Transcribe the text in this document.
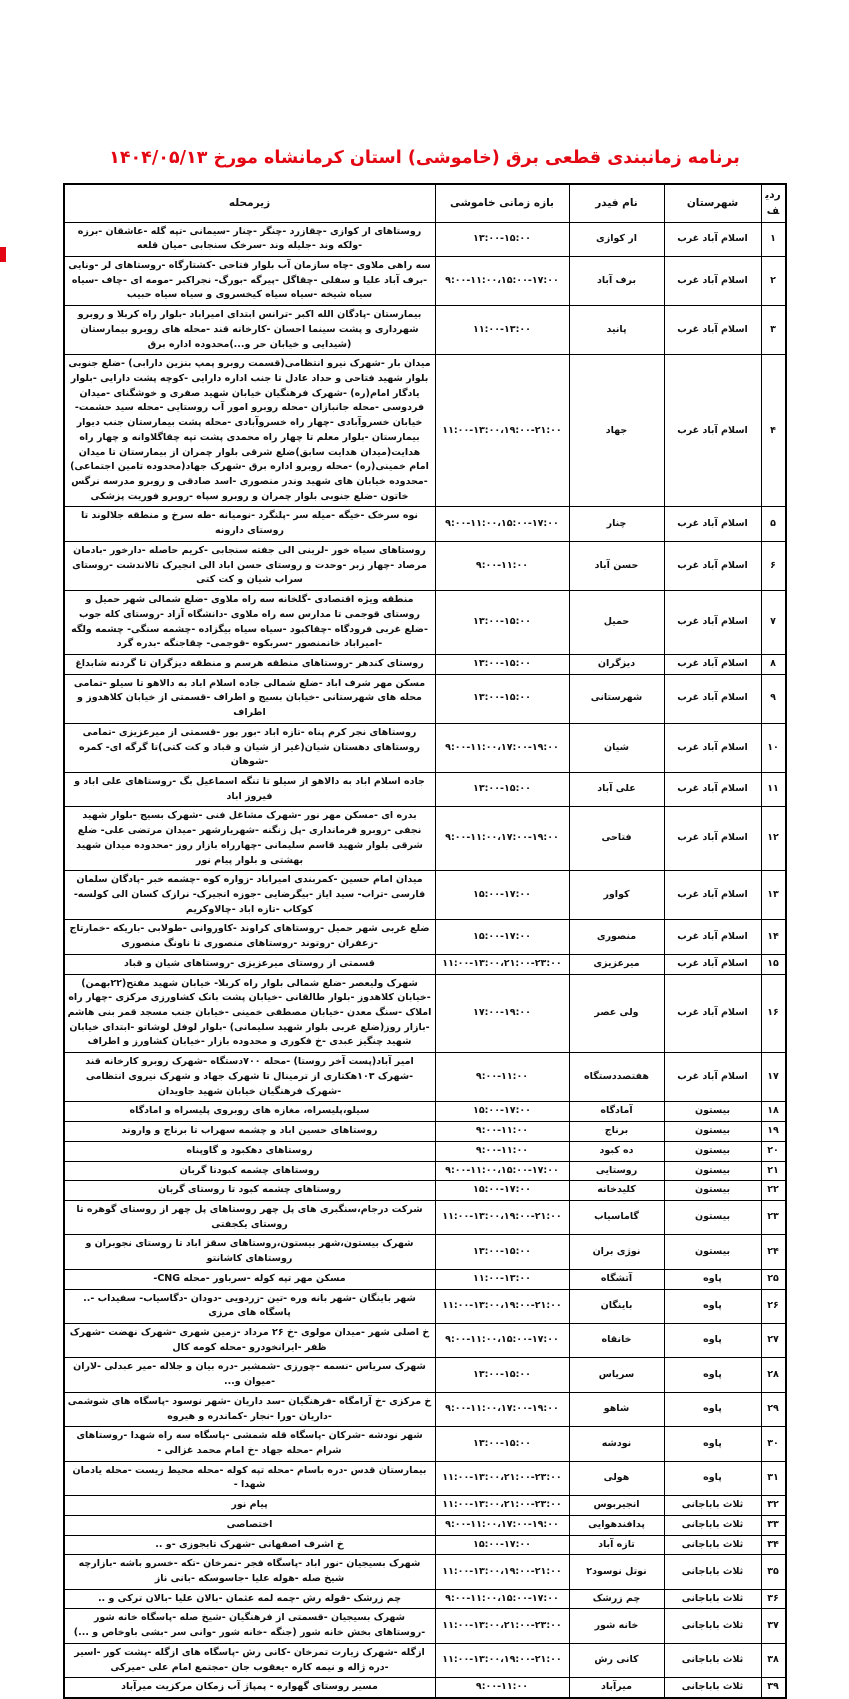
برنامه زمانبندی قطعی برق (خاموشی) استان کرمانشاه مورخ ۱۴۰۴/۰۵/۱۳
ردیف	شهرستان	نام فیدر	بازه زمانی خاموشی	زیرمحله
۱	اسلام آباد غرب	ار کوازی	۱۳:۰۰-۱۵:۰۰	روستاهای ار کوازی -چقازرد -چنگر -چنار -سیمانی -تپه گله -عاشقان -برزه -ولکه وند -جلیله وند -سرخک سنجابی -میان قلعه
۲	اسلام آباد غرب	برف آباد	۹:۰۰-۱۱:۰۰،۱۵:۰۰-۱۷:۰۰	سه راهی ملاوی -چاه سازمان آب بلوار فتاحی -کشتارگاه -روستاهای لر -ونایی -برف آباد علیا و سفلی -چقاگل -پیرگه -بورگ- نجراکبر -مومه ای -چاف -سیاه سیاه شیخه -سیاه سیاه کیخسروی و سیاه سیاه حبیب
۳	اسلام آباد غرب	پانید	۱۱:۰۰-۱۳:۰۰	بیمارستان -پادگان الله اکبر -ترانس ابتدای امیراباد -بلوار راه کربلا و روبرو شهرداری و پشت سینما احسان -کارخانه قند -محله های روبرو بیمارستان (شیدایی و خیابان حر و...)محدوده اداره برق
۴	اسلام آباد غرب	جهاد	۱۱:۰۰-۱۳:۰۰،۱۹:۰۰-۲۱:۰۰	میدان بار -شهرک نیرو انتظامی(قسمت روبرو پمپ بنزین دارابی) -ضلع جنوبی بلوار شهید فتاحی و حداد عادل تا جنب اداره دارایی -کوچه پشت دارایی -بلوار یادگار امام(ره) -شهرک فرهنگیان خیابان شهید صفری و خوشگنای -میدان فردوسی -محله جانبازان -محله روبرو امور آب روستایی -محله سید حشمت- خیابان خسروآبادی -چهار راه خسروآبادی -محله پشت بیمارستان جنب دیوار بیمارستان -بلوار معلم تا چهار راه محمدی پشت تپه چقاگلاوانه و چهار راه هدایت(میدان هدایت سابق)ضلع شرقی بلوار چمران از بیمارستان تا میدان امام خمینی(ره) -محله روبرو اداره برق -شهرک جهاد(محدوده تامین اجتماعی) -محدوده خیابان های شهید وندر منصوری -اسد صادقی و روبرو مدرسه نرگس خاتون -ضلع جنوبی بلوار چمران و روبرو سپاه -روبرو فوریت پزشکی
۵	اسلام آباد غرب	چنار	۹:۰۰-۱۱:۰۰،۱۵:۰۰-۱۷:۰۰	نوه سرخک -خیگه -میله سر -پلنگرد -نومیانه -طه سرخ و منطقه جلالوند تا روستای دارونه
۶	اسلام آباد غرب	حسن آباد	۹:۰۰-۱۱:۰۰	روستاهای سیاه خور -لرینی الی جفته سنجابی -کریم حاصله -دارخور -بادمان مرصاد -چهار زبر -وحدت و روستای حسن اباد الی انجیرک تالاندشت -روستای سراب شیان و کت کتی
۷	اسلام آباد غرب	حمیل	۱۳:۰۰-۱۵:۰۰	منطقه ویژه اقتصادی -گلخانه سه راه ملاوی -ضلع شمالی شهر حمیل و روستای قوجمی تا مدارس سه راه ملاوی -دانشگاه آزاد -روستای کله جوب -ضلع غربی فرودگاه -چقاکبود -سیاه سیاه بیگزاده -چشمه سنگی- چشمه ولگه -امیراباد خانمنصور -سربکوه -قوجمی- چقاجنگه -بدره گرد
۸	اسلام آباد غرب	دیزگران	۱۳:۰۰-۱۵:۰۰	روستای کندهر -روستاهای منطقه هرسم و منطقه دیزگران تا گردنه شابداغ
۹	اسلام آباد غرب	شهرستانی	۱۳:۰۰-۱۵:۰۰	مسکن مهر شرف اباد -ضلع شمالی جاده اسلام اباد به دالاهو تا سیلو -تمامی محله های شهرستانی -خیابان بسیج و اطراف -قسمتی از خیابان کلاهدوز و اطراف
۱۰	اسلام آباد غرب	شیان	۹:۰۰-۱۱:۰۰،۱۷:۰۰-۱۹:۰۰	روستاهای نجر کرم پناه -تازه اباد -بور بور -قسمتی از میرعزیزی -تمامی روستاهای دهستان شیان(غیر از شیان و قباد و کت کتی)تا گرگه ای- کمره -شوهان
۱۱	اسلام آباد غرب	علی آباد	۱۳:۰۰-۱۵:۰۰	جاده اسلام اباد به دالاهو از سیلو تا تنگه اسماعیل بگ -روستاهای علی اباد و فیروز اباد
۱۲	اسلام آباد غرب	فتاحی	۹:۰۰-۱۱:۰۰،۱۷:۰۰-۱۹:۰۰	بدره ای -مسکن مهر نور -شهرک مشاغل فنی -شهرک بسیج -بلوار شهید نجفی -روبرو فرمانداری -پل زنگنه -شهریارشهر -میدان مرتضی علی- ضلع شرقی بلوار شهید قاسم سلیمانی -چهارراه بازار روز -محدوده میدان شهید بهشتی و بلوار پیام نور
۱۳	اسلام آباد غرب	کواور	۱۵:۰۰-۱۷:۰۰	میدان امام حسین -کمربندی امیراباد -زواره کوه -چشمه خبر -پادگان سلمان فارسی -تراب- سید ایاز -بیگرضایی -جوزه انجیرک- نرازک کسان الی کولسه- کوکاب -تازه اباد -چالاوکریم
۱۴	اسلام آباد غرب	منصوری	۱۵:۰۰-۱۷:۰۰	ضلع غربی شهر حمیل -روستاهای کراوند -کاوروانی -طولابی -باریکه -خمارتاج -زعفران -روتوند -روستاهای منصوری تا ناونگ منصوری
۱۵	اسلام آباد غرب	میرعزیزی	۱۱:۰۰-۱۳:۰۰،۲۱:۰۰-۲۳:۰۰	قسمتی از روستای میرعزیزی -روستاهای شیان و قباد
۱۶	اسلام آباد غرب	ولی عصر	۱۷:۰۰-۱۹:۰۰	شهرک ولیعصر -ضلع شمالی بلوار راه کربلا- خیابان شهید مفتح(۲۲بهمن) -خیابان کلاهدوز -بلوار طالقانی -خیابان پشت بانک کشاورزی مرکزی -چهار راه املاک -سنگ معدن -خیابان مصطفی خمینی -خیابان جنب مسجد قمر بنی هاشم -بازار روز(ضلع غربی بلوار شهید سلیمانی) -بلوار لوفل لوشاتو -ابتدای خیابان شهید چنگیز عبدی -خ فکوری و محدوده بازار -خیابان کشاورز و اطراف
۱۷	اسلام آباد غرب	هفتصددستگاه	۹:۰۰-۱۱:۰۰	امیر آباد(پست آخر روستا) -محله ۷۰۰دستگاه -شهرک روبرو کارخانه قند -شهرک ۱۰۳هکتاری از ترمینال تا شهرک جهاد و شهرک نیروی انتظامی -شهرک فرهنگیان خیابان شهید جاویدان
۱۸	بیستون	آمادگاه	۱۵:۰۰-۱۷:۰۰	سیلو،پلیسراه، مغازه های روبروی پلیسراه و امادگاه
۱۹	بیستون	برناج	۹:۰۰-۱۱:۰۰	روستاهای حسین اباد و چشمه سهراب تا برناج و واروند
۲۰	بیستون	ده کبود	۹:۰۰-۱۱:۰۰	روستاهای دهکبود و گاوپناه
۲۱	بیستون	روستایی	۹:۰۰-۱۱:۰۰،۱۵:۰۰-۱۷:۰۰	روستاهای چشمه کبودتا گربان
۲۲	بیستون	کلیدخانه	۱۵:۰۰-۱۷:۰۰	روستاهای چشمه کبود تا روستای گربان
۲۳	بیستون	گاماسیاب	۱۱:۰۰-۱۳:۰۰،۱۹:۰۰-۲۱:۰۰	شرکت درجام،سنگبری های پل چهر روستاهای پل چهر از روستای گوهره تا روستای یکجفتی
۲۴	بیستون	نوژی بران	۱۳:۰۰-۱۵:۰۰	شهرک بیستون،شهر بیستون،روستاهای سقز اباد تا روستای نجوبران و روستاهای کاشانتو
۲۵	پاوه	آتشگاه	۱۱:۰۰-۱۳:۰۰	مسکن مهر تپه کوله -سرباور -محله CNG-
۲۶	پاوه	باینگان	۱۱:۰۰-۱۳:۰۰،۱۹:۰۰-۲۱:۰۰	شهر باینگان -شهر بانه وره -تین -زردویی -دودان -دگاسیاب- سفیداب -.. پاسگاه های مرزی
۲۷	پاوه	خانقاه	۹:۰۰-۱۱:۰۰،۱۵:۰۰-۱۷:۰۰	خ اصلی شهر -میدان مولوی -خ ۲۶ مرداد -زمین شهری -شهرک نهضت -شهرک ظفر -ایرانخودرو -محله کومه کال
۲۸	پاوه	سریاس	۱۳:۰۰-۱۵:۰۰	شهرک سریاس -نسمه -چورزی -شمشیر -دره بیان و جلاله -میر عبدلی -لاران -میوان و...
۲۹	پاوه	شاهو	۹:۰۰-۱۱:۰۰،۱۷:۰۰-۱۹:۰۰	خ مرکزی -خ آرامگاه -فرهنگیان -سد داریان -شهر نوسود -پاسگاه های شوشمی -داریان -ورا -نجار -کماندره و هیروه
۳۰	پاوه	نودشه	۱۳:۰۰-۱۵:۰۰	شهر نودشه -شرکان -پاسگاه قله شمشی -پاسگاه سه راه شهدا -روستاهای شرام -محله جهاد -خ امام محمد غزالی -
۳۱	پاوه	هولی	۱۱:۰۰-۱۳:۰۰،۲۱:۰۰-۲۳:۰۰	بیمارستان قدس -دره باسام -محله تپه کوله -محله محیط زیست -محله یادمان شهدا -
۳۲	ثلاث باباجانی	انجیربوس	۱۱:۰۰-۱۳:۰۰،۲۱:۰۰-۲۳:۰۰	پیام نور
۳۳	ثلاث باباجانی	پدافندهوایی	۹:۰۰-۱۱:۰۰،۱۷:۰۰-۱۹:۰۰	اختصاصی
۳۴	ثلاث باباجانی	تازه آباد	۱۵:۰۰-۱۷:۰۰	خ اشرف اصفهانی -شهرک تابجوزی -و ..
۳۵	ثلاث باباجانی	نوتل نوسود۲	۱۱:۰۰-۱۳:۰۰،۱۹:۰۰-۲۱:۰۰	شهرک بسیجیان -نور اباد -پاسگاه فجر -نمرخان -تکه -خسرو باشه -بازارچه شیخ صله -هوله علیا -جاسوسکه -بانی ناز
۳۶	ثلاث باباجانی	چم زرشک	۹:۰۰-۱۱:۰۰،۱۵:۰۰-۱۷:۰۰	چم زرشک -قوله رش -چمه لمه عثمان -بالان علیا -بالان ترکی و ..
۳۷	ثلاث باباجانی	خانه شور	۱۱:۰۰-۱۳:۰۰،۲۱:۰۰-۲۳:۰۰	شهرک بسیجیان -قسمتی از فرهنگیان -شیخ صله -پاسگاه خانه شور -روستاهای بخش خانه شور (جنگه -خانه شور -وانی سر -بشی باوخاص و ...)
۳۸	ثلاث باباجانی	کانی رش	۱۱:۰۰-۱۳:۰۰،۱۹:۰۰-۲۱:۰۰	ازگله -شهرک زیارت تمرخان -کانی رش -پاسگاه های ازگله -پشت کور -اسیر -دره ژاله و نیمه کاره -یعقوب جان -مجتمع امام علی -میرکی
۳۹	ثلاث باباجانی	میرآباد	۹:۰۰-۱۱:۰۰	مسیر روستای گهواره - پمپاژ آب زمکان مرکزیت میرآباد
